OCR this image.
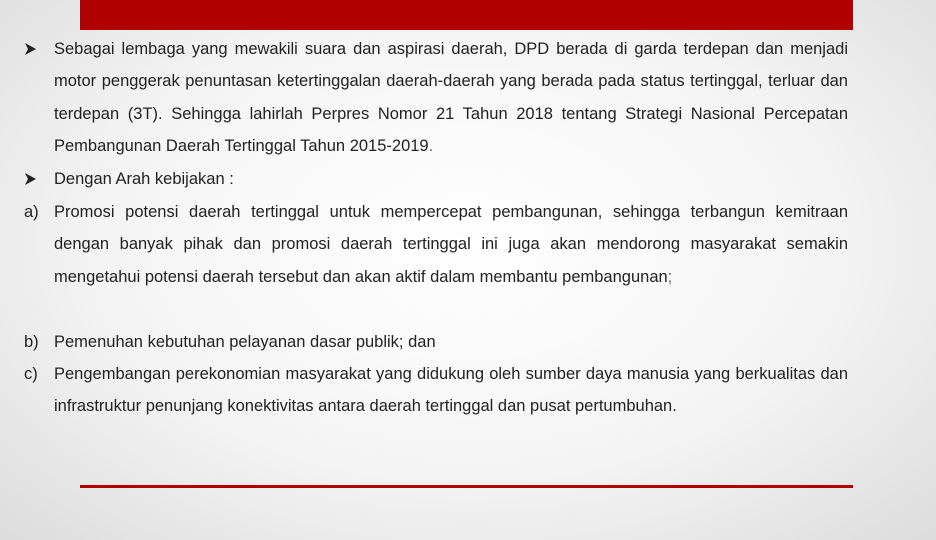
Sebagai lembaga yang mewakili suara dan aspirasi daerah, DPD berada di garda terdepan dan menjadi motor penggerak penuntasan ketertinggalan daerah-daerah yang berada pada status tertinggal, terluar dan terdepan (3T). Sehingga lahirlah Perpres Nomor 21 Tahun 2018 tentang Strategi Nasional Percepatan Pembangunan Daerah Tertinggal Tahun 2015-2019.
Dengan Arah kebijakan :
a) Promosi potensi daerah tertinggal untuk mempercepat pembangunan, sehingga terbangun kemitraan dengan banyak pihak dan promosi daerah tertinggal ini juga akan mendorong masyarakat semakin mengetahui potensi daerah tersebut dan akan aktif dalam membantu pembangunan;
b) Pemenuhan kebutuhan pelayanan dasar publik; dan
c) Pengembangan perekonomian masyarakat yang didukung oleh sumber daya manusia yang berkualitas dan infrastruktur penunjang konektivitas antara daerah tertinggal dan pusat pertumbuhan.
